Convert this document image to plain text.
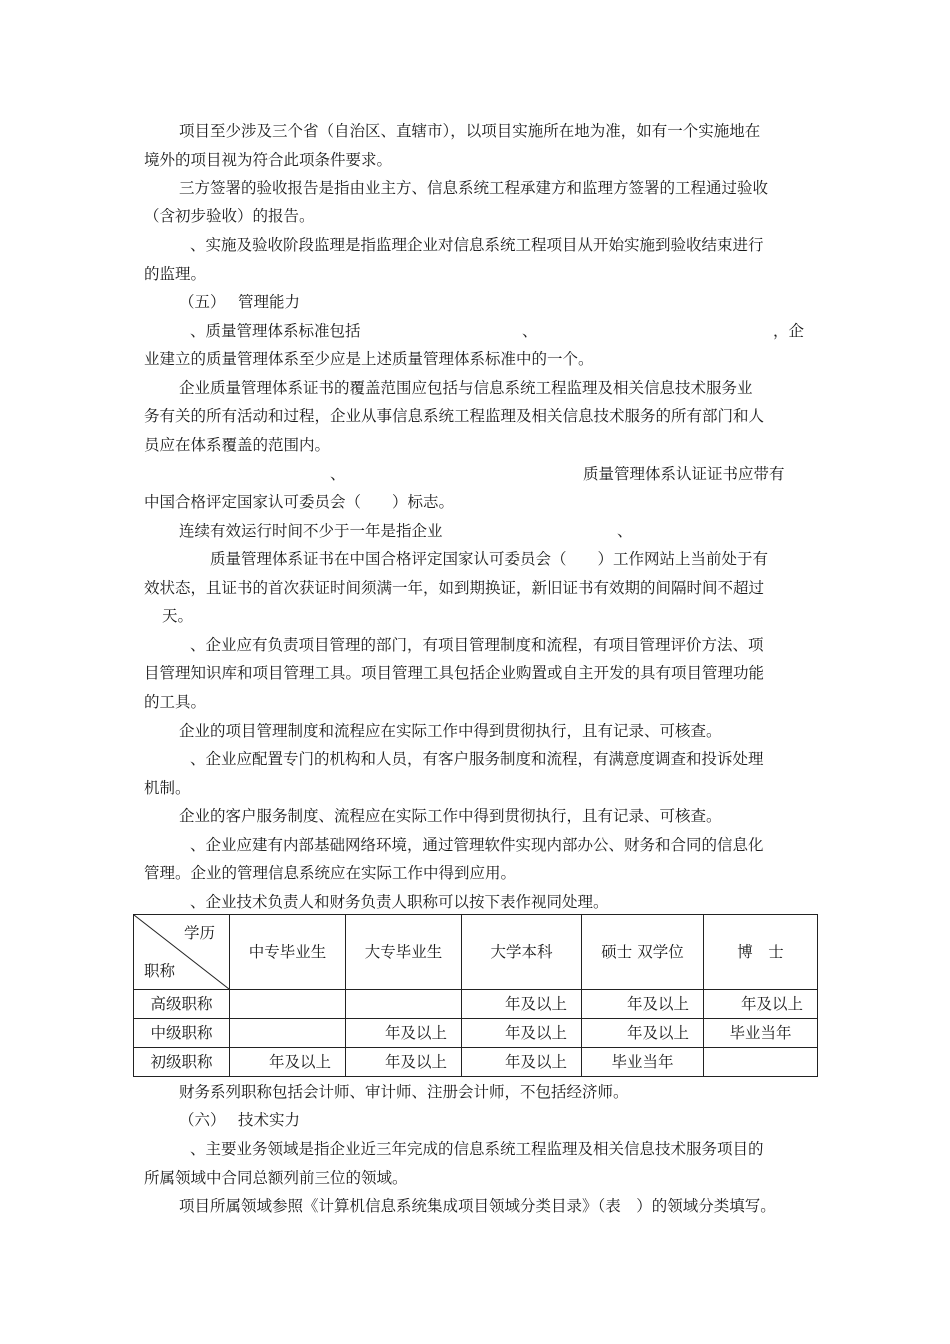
项目至少涉及三个省（自治区、直辖市），以项目实施所在地为准，如有一个实施地在
境外的项目视为符合此项条件要求。
三方签署的验收报告是指由业主方、信息系统工程承建方和监理方签署的工程通过验收
（含初步验收）的报告。
、实施及验收阶段监理是指监理企业对信息系统工程项目从开始实施到验收结束进行
的监理。
（五） 管理能力
、质量管理体系标准包括	、	，企
业建立的质量管理体系至少应是上述质量管理体系标准中的一个。
企业质量管理体系证书的覆盖范围应包括与信息系统工程监理及相关信息技术服务业
务有关的所有活动和过程，企业从事信息系统工程监理及相关信息技术服务的所有部门和人
员应在体系覆盖的范围内。
、	质量管理体系认证证书应带有
中国合格评定国家认可委员会（　　）标志。
连续有效运行时间不少于一年是指企业	、
质量管理体系证书在中国合格评定国家认可委员会（　　）工作网站上当前处于有
效状态，且证书的首次获证时间须满一年，如到期换证，新旧证书有效期的间隔时间不超过
天。
、企业应有负责项目管理的部门，有项目管理制度和流程，有项目管理评价方法、项
目管理知识库和项目管理工具。项目管理工具包括企业购置或自主开发的具有项目管理功能
的工具。
企业的项目管理制度和流程应在实际工作中得到贯彻执行，且有记录、可核查。
、企业应配置专门的机构和人员，有客户服务制度和流程，有满意度调查和投诉处理
机制。
企业的客户服务制度、流程应在实际工作中得到贯彻执行，且有记录、可核查。
、企业应建有内部基础网络环境，通过管理软件实现内部办公、财务和合同的信息化
管理。企业的管理信息系统应在实际工作中得到应用。
、企业技术负责人和财务负责人职称可以按下表作视同处理。
学历
职称	中专毕业生	大专毕业生	大学本科	硕士 双学位	博　士
高级职称			年及以上	年及以上	年及以上
中级职称		年及以上	年及以上	年及以上	毕业当年
初级职称	年及以上	年及以上	年及以上	毕业当年	
财务系列职称包括会计师、审计师、注册会计师，不包括经济师。
（六） 技术实力
、主要业务领域是指企业近三年完成的信息系统工程监理及相关信息技术服务项目的
所属领域中合同总额列前三位的领域。
项目所属领域参照《计算机信息系统集成项目领域分类目录》（表　）的领域分类填写。
